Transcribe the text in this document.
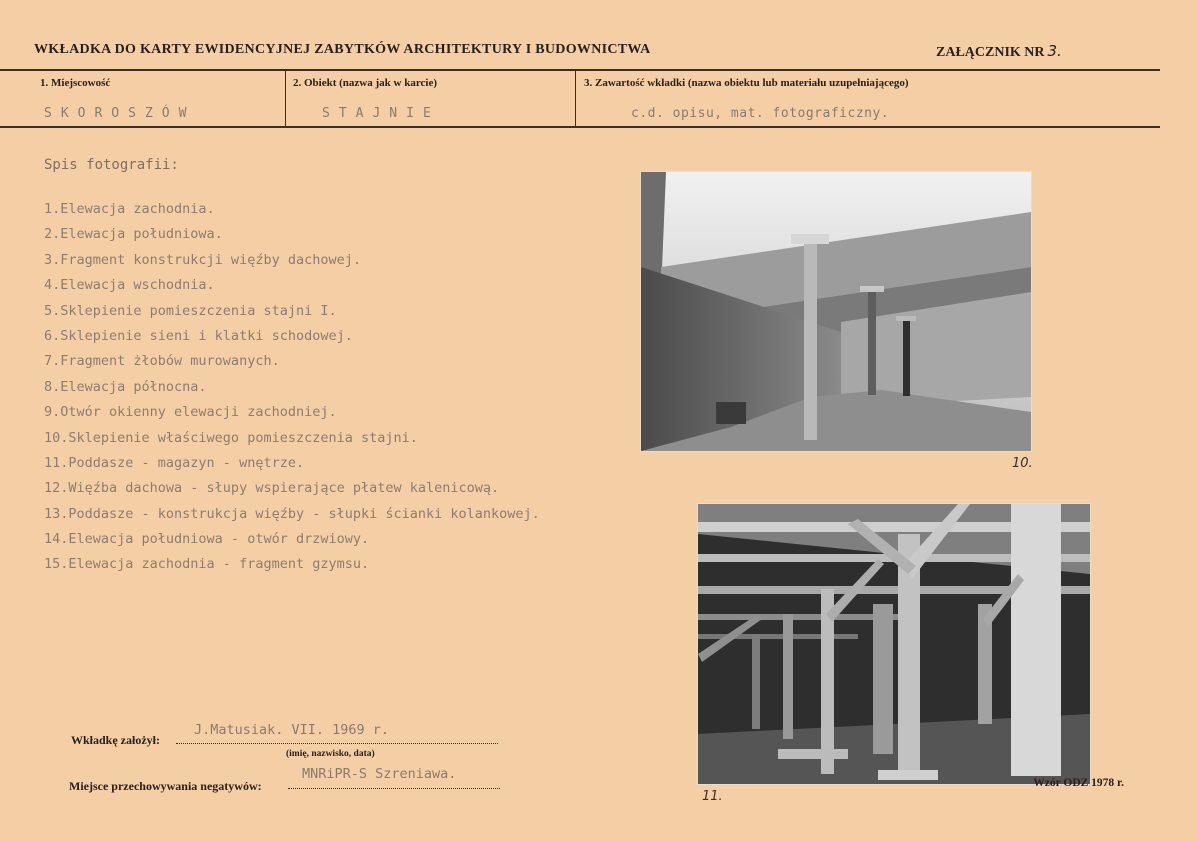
WKŁADKA DO KARTY EWIDENCYJNEJ ZABYTKÓW ARCHITEKTURY I BUDOWNICTWA	ZAŁĄCZNIK NR 3.
1. Miejscowość	2. Obiekt (nazwa jak w karcie)	3. Zawartość wkładki (nazwa obiektu lub materiału uzupełniającego)
SKOROSZÓW	STAJNIE	c.d. opisu, mat. fotograficzny.
Spis fotografii:
1.Elewacja zachodnia.
2.Elewacja południowa.
3.Fragment konstrukcji więźby dachowej.
4.Elewacja wschodnia.
5.Sklepienie pomieszczenia stajni I.
6.Sklepienie sieni i klatki schodowej.
7.Fragment żłobów murowanych.
8.Elewacja północna.
9.Otwór okienny elewacji zachodniej.
10.Sklepienie właściwego pomieszczenia stajni.
11.Poddasze - magazyn - wnętrze.
12.Więźba dachowa - słupy wspierające płatew kalenicową.
13.Poddasze - konstrukcja więźby - słupki ścianki kolankowej.
14.Elewacja południowa - otwór drzwiowy.
15.Elewacja zachodnia - fragment gzymsu.
10.
11.
Wkładkę założył:
J.Matusiak. VII. 1969 r.
(imię, nazwisko, data)
Miejsce przechowywania negatywów:
MNRiPR-S Szreniawa.
Wzór ODZ 1978 r.
